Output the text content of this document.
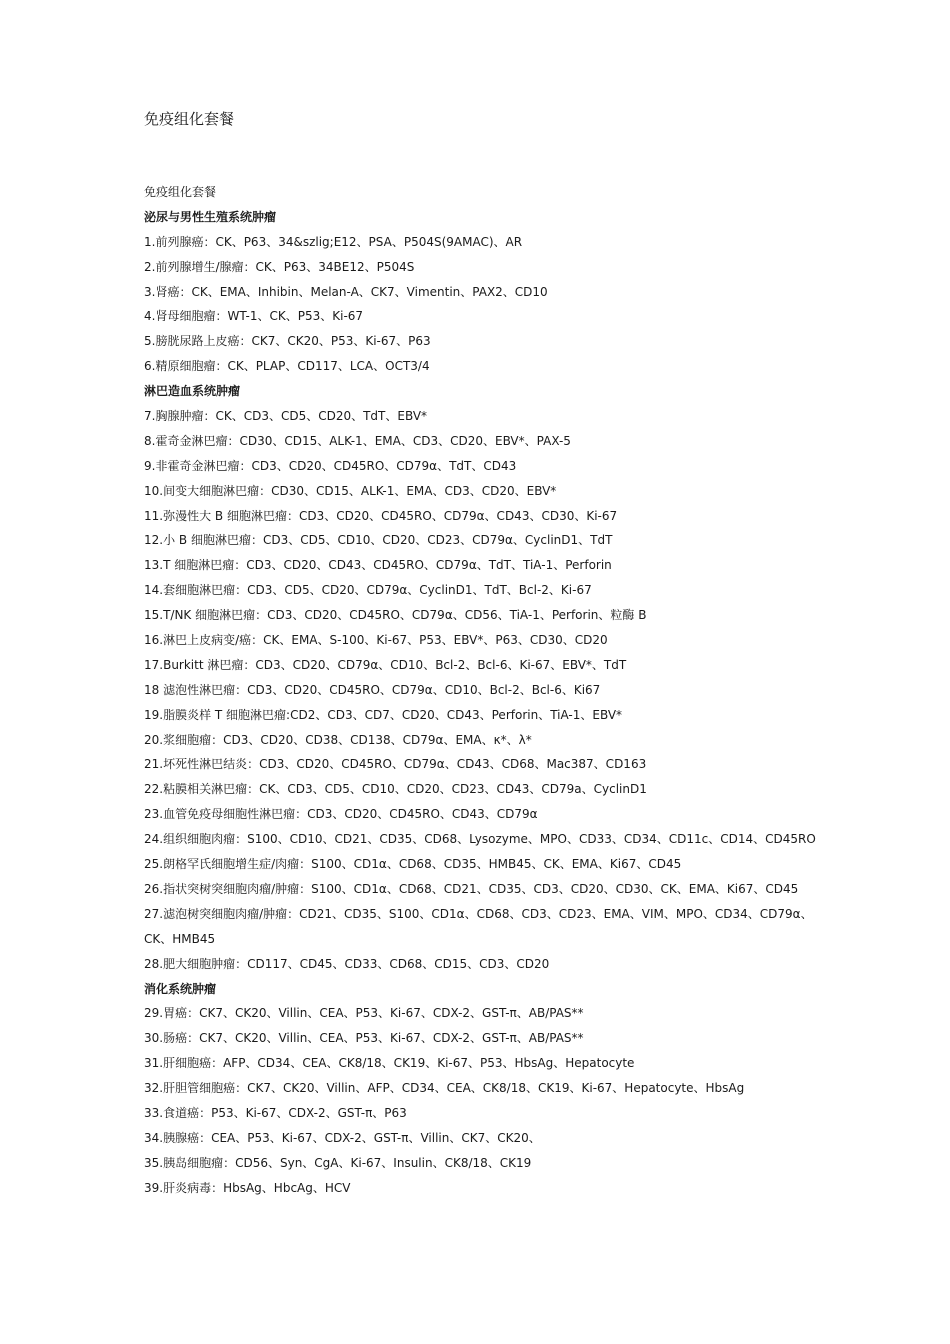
免疫组化套餐
免疫组化套餐
泌尿与男性生殖系统肿瘤
1.前列腺癌：CK、P63、34&szlig;E12、PSA、P504S(9AMAC)、AR
2.前列腺增生/腺瘤：CK、P63、34BE12、P504S
3.肾癌：CK、EMA、Inhibin、Melan-A、CK7、Vimentin、PAX2、CD10
4.肾母细胞瘤：WT-1、CK、P53、Ki-67
5.膀胱尿路上皮癌：CK7、CK20、P53、Ki-67、P63
6.精原细胞瘤：CK、PLAP、CD117、LCA、OCT3/4
淋巴造血系统肿瘤
7.胸腺肿瘤：CK、CD3、CD5、CD20、TdT、EBV*
8.霍奇金淋巴瘤：CD30、CD15、ALK-1、EMA、CD3、CD20、EBV*、PAX-5
9.非霍奇金淋巴瘤：CD3、CD20、CD45RO、CD79α、TdT、CD43
10.间变大细胞淋巴瘤：CD30、CD15、ALK-1、EMA、CD3、CD20、EBV*
11.弥漫性大 B 细胞淋巴瘤：CD3、CD20、CD45RO、CD79α、CD43、CD30、Ki-67
12.小 B 细胞淋巴瘤：CD3、CD5、CD10、CD20、CD23、CD79α、CyclinD1、TdT
13.T 细胞淋巴瘤：CD3、CD20、CD43、CD45RO、CD79α、TdT、TiA-1、Perforin
14.套细胞淋巴瘤：CD3、CD5、CD20、CD79α、CyclinD1、TdT、Bcl-2、Ki-67
15.T/NK 细胞淋巴瘤：CD3、CD20、CD45RO、CD79α、CD56、TiA-1、Perforin、粒酶 B
16.淋巴上皮病变/癌：CK、EMA、S-100、Ki-67、P53、EBV*、P63、CD30、CD20
17.Burkitt 淋巴瘤：CD3、CD20、CD79α、CD10、Bcl-2、Bcl-6、Ki-67、EBV*、TdT
18 滤泡性淋巴瘤：CD3、CD20、CD45RO、CD79α、CD10、Bcl-2、Bcl-6、Ki67
19.脂膜炎样 T 细胞淋巴瘤:CD2、CD3、CD7、CD20、CD43、Perforin、TiA-1、EBV*
20.浆细胞瘤：CD3、CD20、CD38、CD138、CD79α、EMA、κ*、λ*
21.坏死性淋巴结炎：CD3、CD20、CD45RO、CD79α、CD43、CD68、Mac387、CD163
22.粘膜相关淋巴瘤：CK、CD3、CD5、CD10、CD20、CD23、CD43、CD79a、CyclinD1
23.血管免疫母细胞性淋巴瘤：CD3、CD20、CD45RO、CD43、CD79α
24.组织细胞肉瘤：S100、CD10、CD21、CD35、CD68、Lysozyme、MPO、CD33、CD34、CD11c、CD14、CD45RO
25.朗格罕氏细胞增生症/肉瘤：S100、CD1α、CD68、CD35、HMB45、CK、EMA、Ki67、CD45
26.指状突树突细胞肉瘤/肿瘤：S100、CD1α、CD68、CD21、CD35、CD3、CD20、CD30、CK、EMA、Ki67、CD45
27.滤泡树突细胞肉瘤/肿瘤：CD21、CD35、S100、CD1α、CD68、CD3、CD23、EMA、VIM、MPO、CD34、CD79α、
CK、HMB45
28.肥大细胞肿瘤：CD117、CD45、CD33、CD68、CD15、CD3、CD20
消化系统肿瘤
29.胃癌：CK7、CK20、Villin、CEA、P53、Ki-67、CDX-2、GST-π、AB/PAS**
30.肠癌：CK7、CK20、Villin、CEA、P53、Ki-67、CDX-2、GST-π、AB/PAS**
31.肝细胞癌：AFP、CD34、CEA、CK8/18、CK19、Ki-67、P53、HbsAg、Hepatocyte
32.肝胆管细胞癌：CK7、CK20、Villin、AFP、CD34、CEA、CK8/18、CK19、Ki-67、Hepatocyte、HbsAg
33.食道癌：P53、Ki-67、CDX-2、GST-π、P63
34.胰腺癌：CEA、P53、Ki-67、CDX-2、GST-π、Villin、CK7、CK20、
35.胰岛细胞瘤：CD56、Syn、CgA、Ki-67、Insulin、CK8/18、CK19
39.肝炎病毒：HbsAg、HbcAg、HCV
